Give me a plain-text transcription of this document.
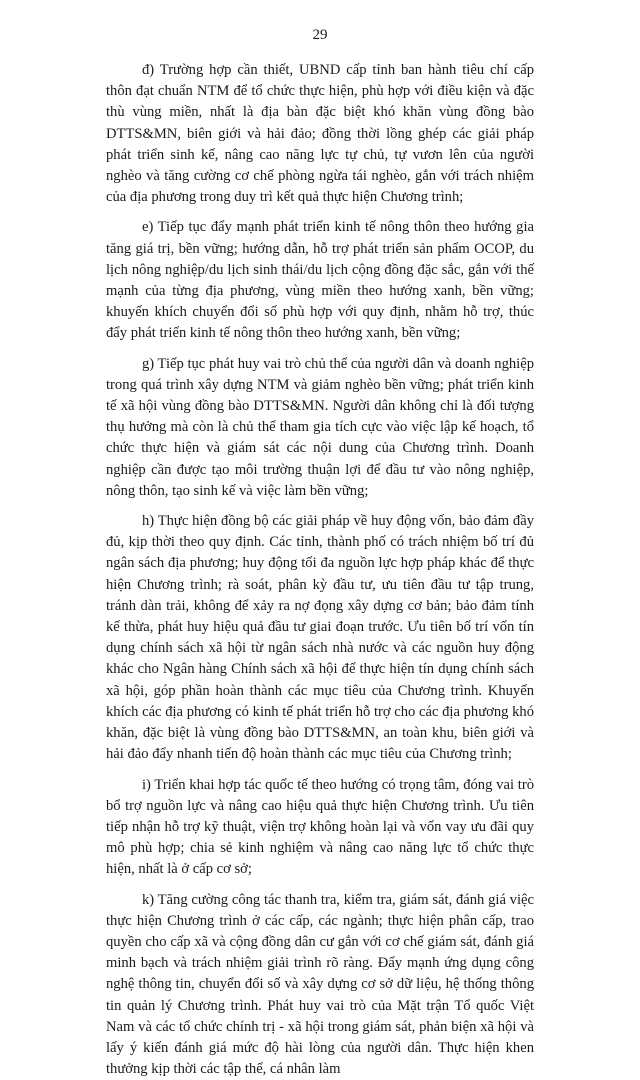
29

đ) Trường hợp cần thiết, UBND cấp tỉnh ban hành tiêu chí cấp thôn đạt chuẩn NTM để tổ chức thực hiện, phù hợp với điều kiện và đặc thù vùng miền, nhất là địa bàn đặc biệt khó khăn vùng đồng bào DTTS&MN, biên giới và hải đảo; đồng thời lồng ghép các giải pháp phát triển sinh kế, nâng cao năng lực tự chủ, tự vươn lên của người nghèo và tăng cường cơ chế phòng ngừa tái nghèo, gắn với trách nhiệm của địa phương trong duy trì kết quả thực hiện Chương trình;

e) Tiếp tục đẩy mạnh phát triển kinh tế nông thôn theo hướng gia tăng giá trị, bền vững; hướng dẫn, hỗ trợ phát triển sản phẩm OCOP, du lịch nông nghiệp/du lịch sinh thái/du lịch cộng đồng đặc sắc, gắn với thế mạnh của từng địa phương, vùng miền theo hướng xanh, bền vững; khuyến khích chuyển đổi số phù hợp với quy định, nhằm hỗ trợ, thúc đẩy phát triển kinh tế nông thôn theo hướng xanh, bền vững;

g) Tiếp tục phát huy vai trò chủ thể của người dân và doanh nghiệp trong quá trình xây dựng NTM và giảm nghèo bền vững; phát triển kinh tế xã hội vùng đồng bào DTTS&MN. Người dân không chỉ là đối tượng thụ hưởng mà còn là chủ thể tham gia tích cực vào việc lập kế hoạch, tổ chức thực hiện và giám sát các nội dung của Chương trình. Doanh nghiệp cần được tạo môi trường thuận lợi để đầu tư vào nông nghiệp, nông thôn, tạo sinh kế và việc làm bền vững;

h) Thực hiện đồng bộ các giải pháp về huy động vốn, bảo đảm đầy đủ, kịp thời theo quy định. Các tỉnh, thành phố có trách nhiệm bố trí đủ ngân sách địa phương; huy động tối đa nguồn lực hợp pháp khác để thực hiện Chương trình; rà soát, phân kỳ đầu tư, ưu tiên đầu tư tập trung, tránh dàn trải, không để xảy ra nợ đọng xây dựng cơ bản; bảo đảm tính kế thừa, phát huy hiệu quả đầu tư giai đoạn trước. Ưu tiên bố trí vốn tín dụng chính sách xã hội từ ngân sách nhà nước và các nguồn huy động khác cho Ngân hàng Chính sách xã hội để thực hiện tín dụng chính sách xã hội, góp phần hoàn thành các mục tiêu của Chương trình. Khuyến khích các địa phương có kinh tế phát triển hỗ trợ cho các địa phương khó khăn, đặc biệt là vùng đồng bào DTTS&MN, an toàn khu, biên giới và hải đảo đẩy nhanh tiến độ hoàn thành các mục tiêu của Chương trình;

i) Triển khai hợp tác quốc tế theo hướng có trọng tâm, đóng vai trò bổ trợ nguồn lực và nâng cao hiệu quả thực hiện Chương trình. Ưu tiên tiếp nhận hỗ trợ kỹ thuật, viện trợ không hoàn lại và vốn vay ưu đãi quy mô phù hợp; chia sẻ kinh nghiệm và nâng cao năng lực tổ chức thực hiện, nhất là ở cấp cơ sở;

k) Tăng cường công tác thanh tra, kiểm tra, giám sát, đánh giá việc thực hiện Chương trình ở các cấp, các ngành; thực hiện phân cấp, trao quyền cho cấp xã và cộng đồng dân cư gắn với cơ chế giám sát, đánh giá minh bạch và trách nhiệm giải trình rõ ràng. Đẩy mạnh ứng dụng công nghệ thông tin, chuyển đổi số và xây dựng cơ sở dữ liệu, hệ thống thông tin quản lý Chương trình. Phát huy vai trò của Mặt trận Tổ quốc Việt Nam và các tổ chức chính trị - xã hội trong giám sát, phản biện xã hội và lấy ý kiến đánh giá mức độ hài lòng của người dân. Thực hiện khen thưởng kịp thời các tập thể, cá nhân làm
